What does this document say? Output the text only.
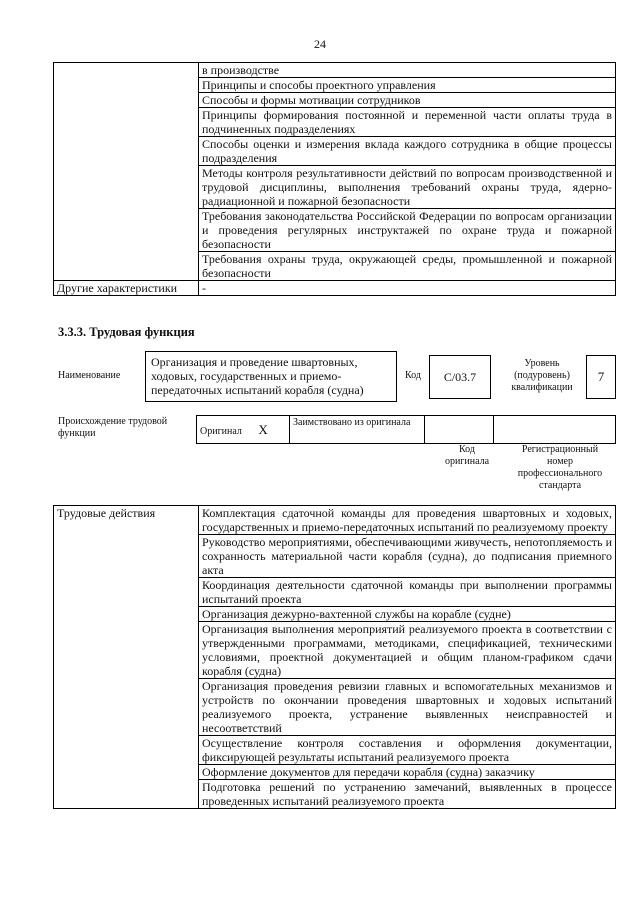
24
	в производстве
	Принципы и способы проектного управления
	Способы и формы мотивации сотрудников
	Принципы формирования постоянной и переменной части оплаты труда в подчиненных подразделениях
	Способы оценки и измерения вклада каждого сотрудника в общие процессы подразделения
	Методы контроля результативности действий по вопросам производственной и трудовой дисциплины, выполнения требований охраны труда, ядерно-радиационной и пожарной безопасности
	Требования законодательства Российской Федерации по вопросам организации и проведения регулярных инструктажей по охране труда и пожарной безопасности
	Требования охраны труда, окружающей среды, промышленной и пожарной безопасности
Другие характеристики	-
3.3.3. Трудовая функция
Наименование
Организация и проведение швартовных, ходовых, государственных и приемо-передаточных испытаний корабля (судна)
Код	C/03.7
Уровень (подуровень) квалификации
7
Происхождение трудовой функции	Оригинал X	Заимствовано из оригинала		
Код оригинала
Регистрационный номер профессионального стандарта
Трудовые действия	Комплектация сдаточной команды для проведения швартовных и ходовых, государственных и приемо-передаточных испытаний по реализуемому проекту
Руководство мероприятиями, обеспечивающими живучесть, непотопляемость и сохранность материальной части корабля (судна), до подписания приемного акта
Координация деятельности сдаточной команды при выполнении программы испытаний проекта
Организация дежурно-вахтенной службы на корабле (судне)
Организация выполнения мероприятий реализуемого проекта в соответствии с утвержденными программами, методиками, спецификацией, техническими условиями, проектной документацией и общим планом-графиком сдачи корабля (судна)
Организация проведения ревизии главных и вспомогательных механизмов и устройств по окончании проведения швартовных и ходовых испытаний реализуемого проекта, устранение выявленных неисправностей и несоответствий
Осуществление контроля составления и оформления документации, фиксирующей результаты испытаний реализуемого проекта
Оформление документов для передачи корабля (судна) заказчику
Подготовка решений по устранению замечаний, выявленных в процессе проведенных испытаний реализуемого проекта
